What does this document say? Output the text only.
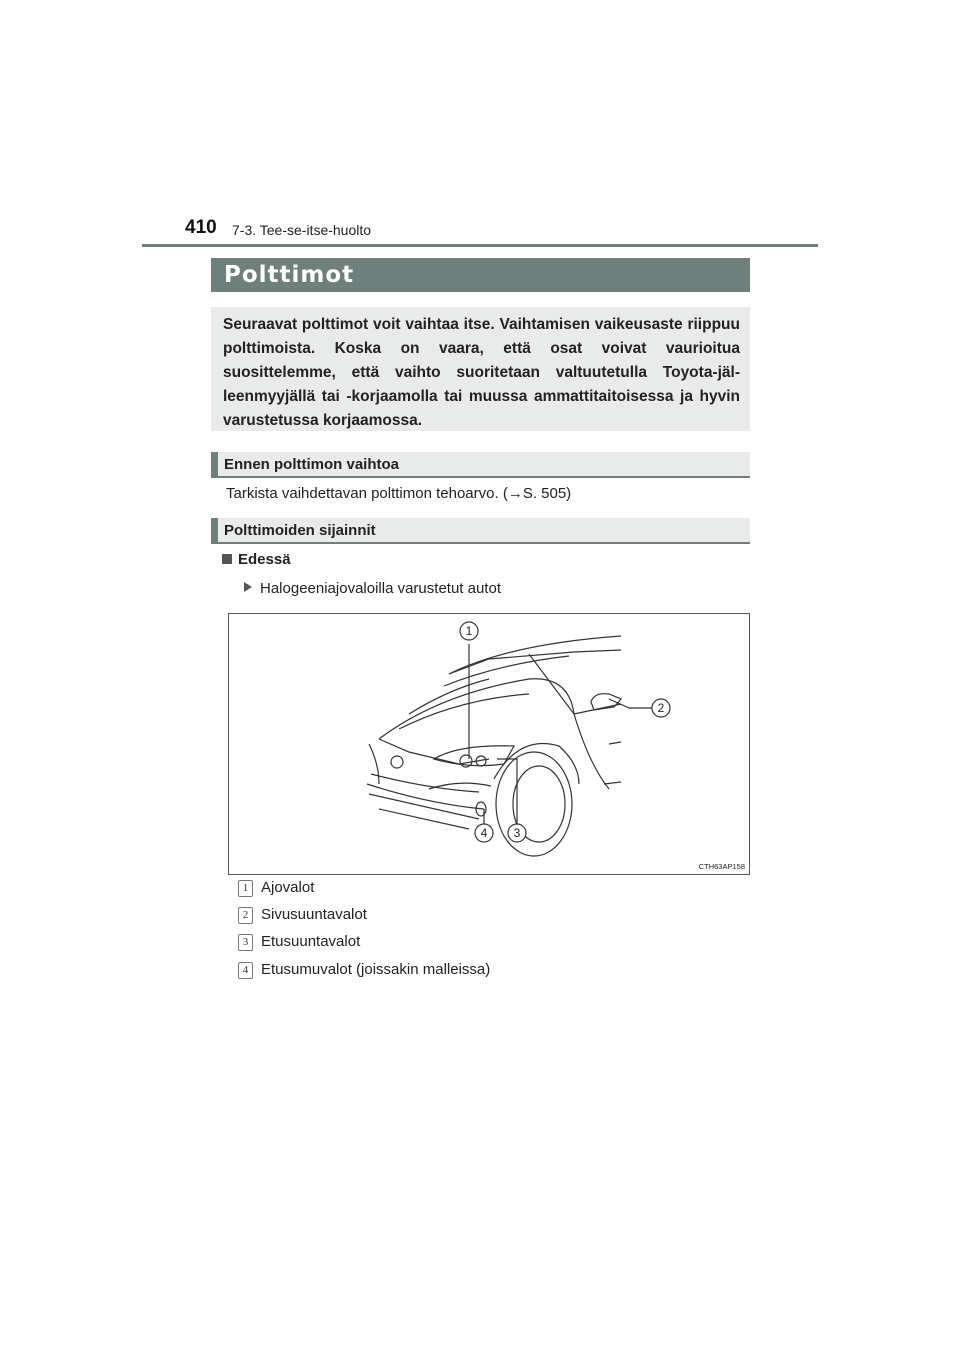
410 7-3. Tee-se-itse-huolto
Polttimot
Seuraavat polttimot voit vaihtaa itse. Vaihtamisen vaikeusaste riippuu polttimoista. Koska on vaara, että osat voivat vaurioitua suosittelemme, että vaihto suoritetaan valtuutetulla Toyota-jäl-leenmyyjällä tai -korjaamolla tai muussa ammattitaitoisessa ja hyvin varustetussa korjaamossa.
Ennen polttimon vaihtoa
Tarkista vaihdettavan polttimon tehoarvo. (→S. 505)
Polttimoiden sijainnit
Edessä
Halogeeniajovaloilla varustetut autot
1
2
3
4
CTH63AP158
1 Ajovalot
2 Sivusuuntavalot
3 Etusuuntavalot
4 Etusumuvalot (joissakin malleissa)
